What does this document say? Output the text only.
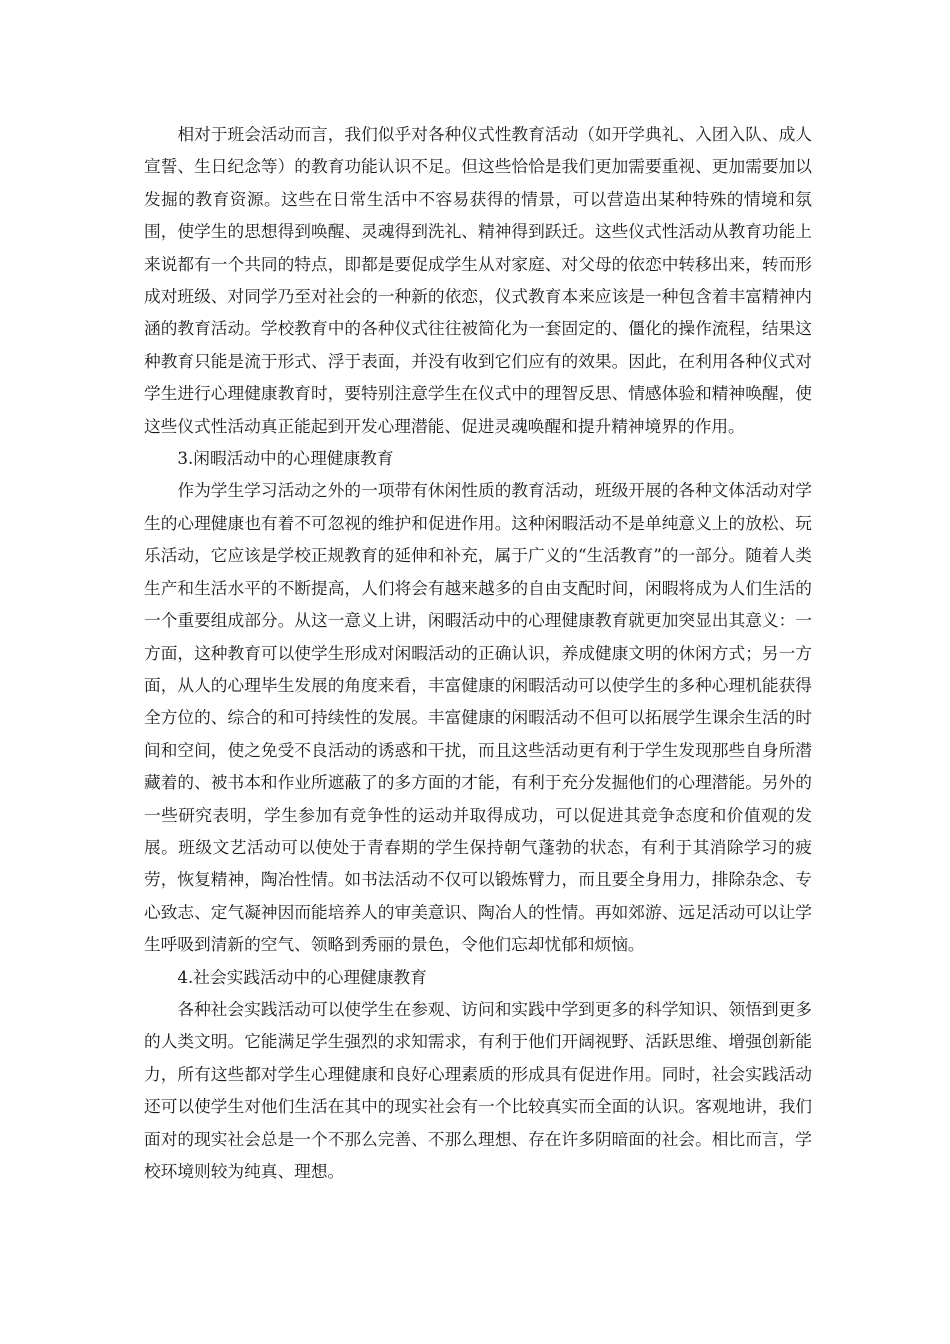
相对于班会活动而言，我们似乎对各种仪式性教育活动（如开学典礼、入团入队、成人宣誓、生日纪念等）的教育功能认识不足。但这些恰恰是我们更加需要重视、更加需要加以发掘的教育资源。这些在日常生活中不容易获得的情景，可以营造出某种特殊的情境和氛围，使学生的思想得到唤醒、灵魂得到洗礼、精神得到跃迁。这些仪式性活动从教育功能上来说都有一个共同的特点，即都是要促成学生从对家庭、对父母的依恋中转移出来，转而形成对班级、对同学乃至对社会的一种新的依恋，仪式教育本来应该是一种包含着丰富精神内涵的教育活动。学校教育中的各种仪式往往被简化为一套固定的、僵化的操作流程，结果这种教育只能是流于形式、浮于表面，并没有收到它们应有的效果。因此，在利用各种仪式对学生进行心理健康教育时，要特别注意学生在仪式中的理智反思、情感体验和精神唤醒，使这些仪式性活动真正能起到开发心理潜能、促进灵魂唤醒和提升精神境界的作用。

3.闲暇活动中的心理健康教育

作为学生学习活动之外的一项带有休闲性质的教育活动，班级开展的各种文体活动对学生的心理健康也有着不可忽视的维护和促进作用。这种闲暇活动不是单纯意义上的放松、玩乐活动，它应该是学校正规教育的延伸和补充，属于广义的“生活教育”的一部分。随着人类生产和生活水平的不断提高，人们将会有越来越多的自由支配时间，闲暇将成为人们生活的一个重要组成部分。从这一意义上讲，闲暇活动中的心理健康教育就更加突显出其意义：一方面，这种教育可以使学生形成对闲暇活动的正确认识，养成健康文明的休闲方式；另一方面，从人的心理毕生发展的角度来看，丰富健康的闲暇活动可以使学生的多种心理机能获得全方位的、综合的和可持续性的发展。丰富健康的闲暇活动不但可以拓展学生课余生活的时间和空间，使之免受不良活动的诱惑和干扰，而且这些活动更有利于学生发现那些自身所潜藏着的、被书本和作业所遮蔽了的多方面的才能，有利于充分发掘他们的心理潜能。另外的一些研究表明，学生参加有竞争性的运动并取得成功，可以促进其竞争态度和价值观的发展。班级文艺活动可以使处于青春期的学生保持朝气蓬勃的状态，有利于其消除学习的疲劳，恢复精神，陶冶性情。如书法活动不仅可以锻炼臂力，而且要全身用力，排除杂念、专心致志、定气凝神因而能培养人的审美意识、陶冶人的性情。再如郊游、远足活动可以让学生呼吸到清新的空气、领略到秀丽的景色，令他们忘却忧郁和烦恼。

4.社会实践活动中的心理健康教育

各种社会实践活动可以使学生在参观、访问和实践中学到更多的科学知识、领悟到更多的人类文明。它能满足学生强烈的求知需求，有利于他们开阔视野、活跃思维、增强创新能力，所有这些都对学生心理健康和良好心理素质的形成具有促进作用。同时，社会实践活动还可以使学生对他们生活在其中的现实社会有一个比较真实而全面的认识。客观地讲，我们面对的现实社会总是一个不那么完善、不那么理想、存在许多阴暗面的社会。相比而言，学校环境则较为纯真、理想。
